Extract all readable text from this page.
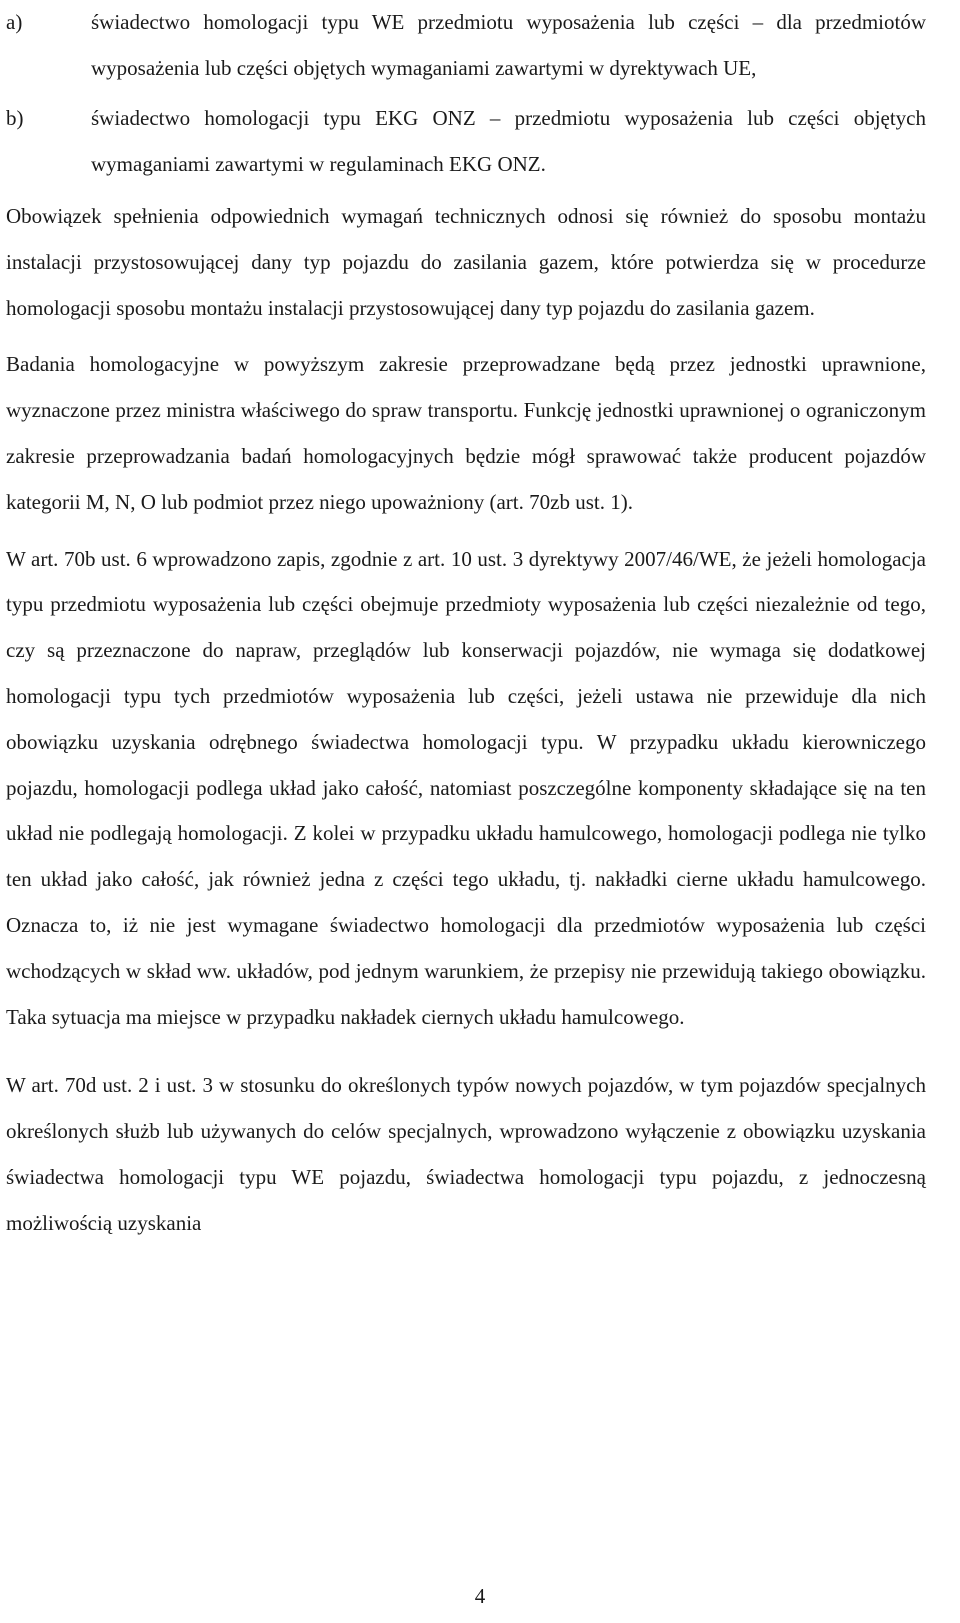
a)	świadectwo homologacji typu WE przedmiotu wyposażenia lub części – dla przedmiotów wyposażenia lub części objętych wymaganiami zawartymi w dyrektywach UE,
b)	świadectwo homologacji typu EKG ONZ – przedmiotu wyposażenia lub części objętych wymaganiami zawartymi w regulaminach EKG ONZ.

Obowiązek spełnienia odpowiednich wymagań technicznych odnosi się również do sposobu montażu instalacji przystosowującej dany typ pojazdu do zasilania gazem, które potwierdza się w procedurze homologacji sposobu montażu instalacji przystosowującej dany typ pojazdu do zasilania gazem.

Badania homologacyjne w powyższym zakresie przeprowadzane będą przez jednostki uprawnione, wyznaczone przez ministra właściwego do spraw transportu. Funkcję jednostki uprawnionej o ograniczonym zakresie przeprowadzania badań homologacyjnych będzie mógł sprawować także producent pojazdów kategorii M, N, O lub podmiot przez niego upoważniony (art. 70zb ust. 1).

W art. 70b ust. 6 wprowadzono zapis, zgodnie z art. 10 ust. 3 dyrektywy 2007/46/WE, że jeżeli homologacja typu przedmiotu wyposażenia lub części obejmuje przedmioty wyposażenia lub części niezależnie od tego, czy są przeznaczone do napraw, przeglądów lub konserwacji pojazdów, nie wymaga się dodatkowej homologacji typu tych przedmiotów wyposażenia lub części, jeżeli ustawa nie przewiduje dla nich obowiązku uzyskania odrębnego świadectwa homologacji typu. W przypadku układu kierowniczego pojazdu, homologacji podlega układ jako całość, natomiast poszczególne komponenty składające się na ten układ nie podlegają homologacji. Z kolei w przypadku układu hamulcowego, homologacji podlega nie tylko ten układ jako całość, jak również jedna z części tego układu, tj. nakładki cierne układu hamulcowego. Oznacza to, iż nie jest wymagane świadectwo homologacji dla przedmiotów wyposażenia lub części wchodzących w skład ww. układów, pod jednym warunkiem, że przepisy nie przewidują takiego obowiązku. Taka sytuacja ma miejsce w przypadku nakładek ciernych układu hamulcowego.

W art. 70d ust. 2 i ust. 3 w stosunku do określonych typów nowych pojazdów, w tym pojazdów specjalnych określonych służb lub używanych do celów specjalnych, wprowadzono wyłączenie z obowiązku uzyskania świadectwa homologacji typu WE pojazdu, świadectwa homologacji typu pojazdu, z jednoczesną możliwością uzyskania

4
